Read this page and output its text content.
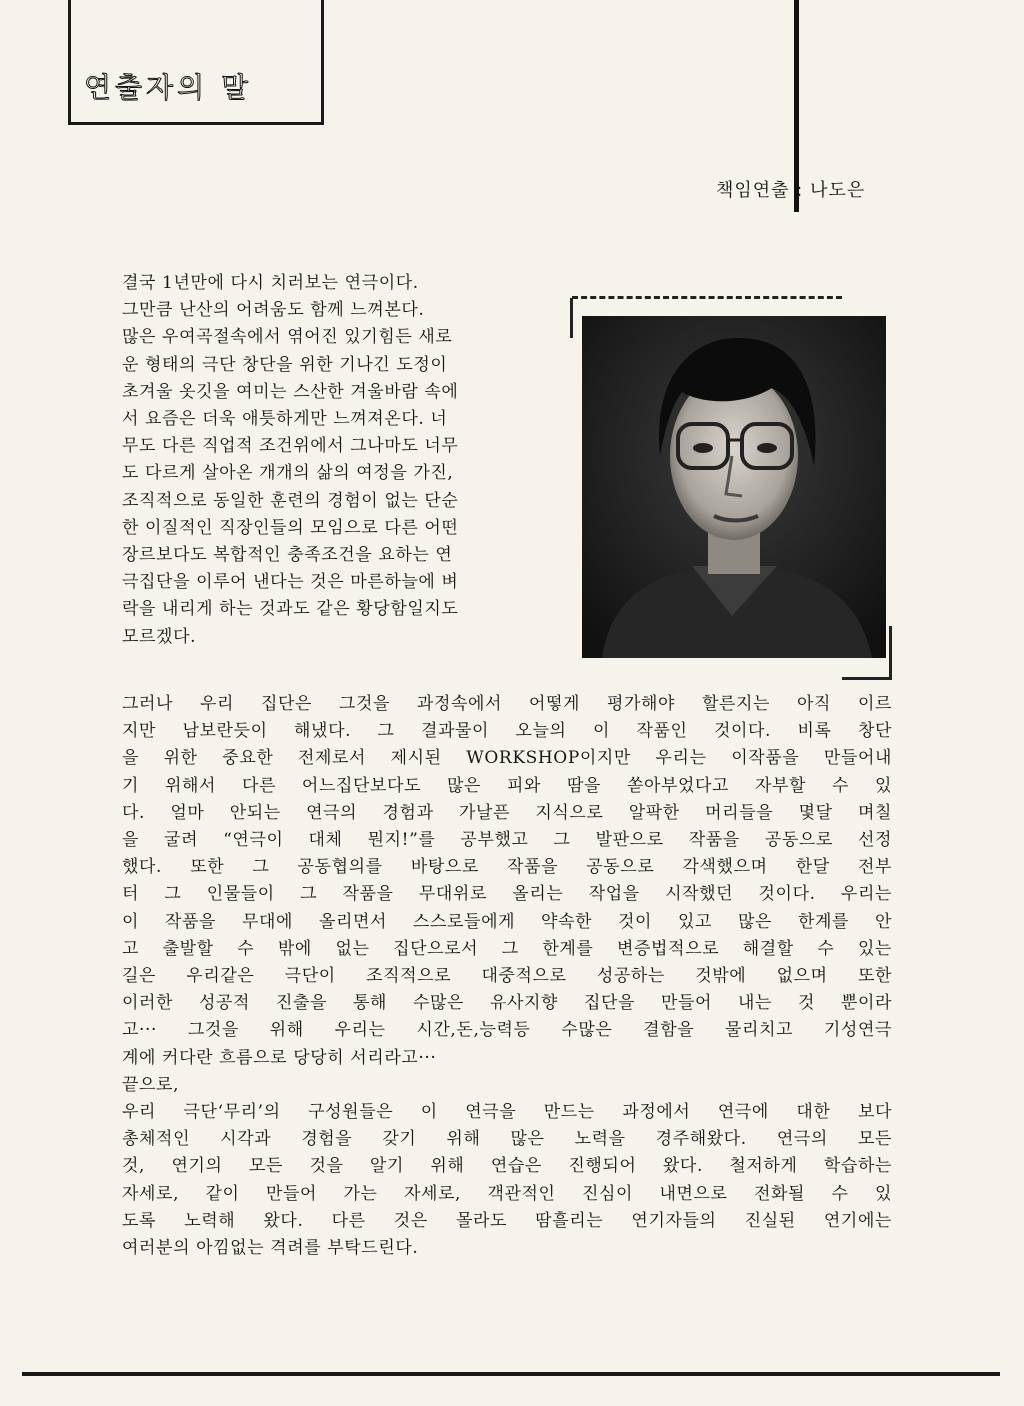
연출자의 말
책임연출 : 나도은
결국 1년만에 다시 치러보는 연극이다.
그만큼 난산의 어려움도 함께 느껴본다.
많은 우여곡절속에서 엮어진 있기힘든 새로
운 형태의 극단 창단을 위한 기나긴 도정이
초겨울 옷깃을 여미는 스산한 겨울바람 속에
서 요즘은 더욱 애틋하게만 느껴져온다. 너
무도 다른 직업적 조건위에서 그나마도 너무
도 다르게 살아온 개개의 삶의 여정을 가진,
조직적으로 동일한 훈련의 경험이 없는 단순
한 이질적인 직장인들의 모임으로 다른 어떤
장르보다도 복합적인 충족조건을 요하는 연
극집단을 이루어 낸다는 것은 마른하늘에 벼
락을 내리게 하는 것과도 같은 황당함일지도
모르겠다.
그러나 우리 집단은 그것을 과정속에서 어떻게 평가해야 할른지는 아직 이르
지만 남보란듯이 해냈다. 그 결과물이 오늘의 이 작품인 것이다. 비록 창단
을 위한 중요한 전제로서 제시된 WORKSHOP이지만 우리는 이작품을 만들어내
기 위해서 다른 어느집단보다도 많은 피와 땀을 쏟아부었다고 자부할 수 있
다. 얼마 안되는 연극의 경험과 가날픈 지식으로 알팍한 머리들을 몇달 며칠
을 굴려 “연극이 대체 뭔지!”를 공부했고 그 발판으로 작품을 공동으로 선정
했다. 또한 그 공동협의를 바탕으로 작품을 공동으로 각색했으며 한달 전부
터 그 인물들이 그 작품을 무대위로 올리는 작업을 시작했던 것이다. 우리는
이 작품을 무대에 올리면서 스스로들에게 약속한 것이 있고 많은 한계를 안
고 출발할 수 밖에 없는 집단으로서 그 한계를 변증법적으로 해결할 수 있는
길은 우리같은 극단이 조직적으로 대중적으로 성공하는 것밖에 없으며 또한
이러한 성공적 진출을 통해 수많은 유사지향 집단을 만들어 내는 것 뿐이라
고··· 그것을 위해 우리는 시간,돈,능력등 수많은 결함을 물리치고 기성연극
계에 커다란 흐름으로 당당히 서리라고···
끝으로,
우리 극단‘무리’의 구성원들은 이 연극을 만드는 과정에서 연극에 대한 보다
총체적인 시각과 경험을 갖기 위해 많은 노력을 경주해왔다. 연극의 모든
것, 연기의 모든 것을 알기 위해 연습은 진행되어 왔다. 철저하게 학습하는
자세로, 같이 만들어 가는 자세로, 객관적인 진심이 내면으로 전화될 수 있
도록 노력해 왔다. 다른 것은 몰라도 땀흘리는 연기자들의 진실된 연기에는
여러분의 아낌없는 격려를 부탁드린다.
